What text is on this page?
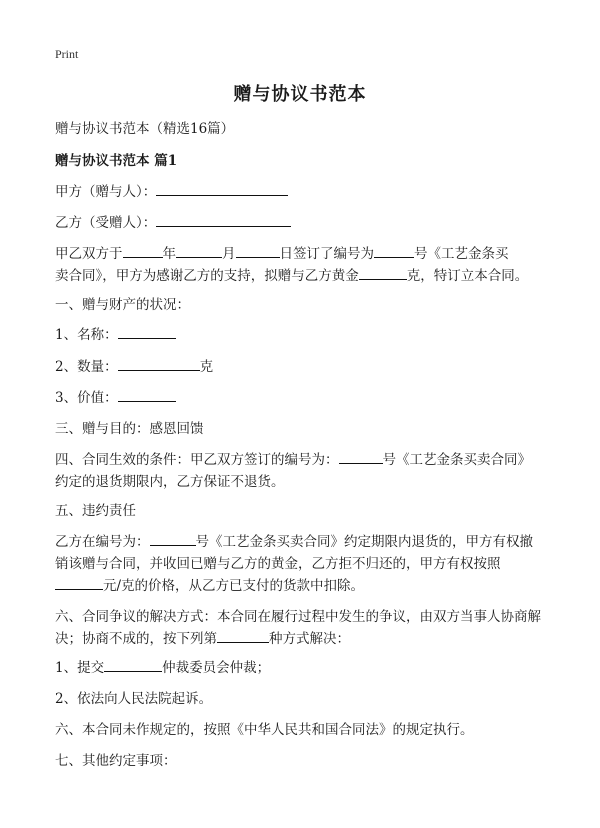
Print
赠与协议书范本
赠与协议书范本（精选16篇）
赠与协议书范本 篇1
甲方（赠与人）：
乙方（受赠人）：
甲乙双方于	年	月	日签订了编号为	号《工艺金条买
卖合同》，甲方为感谢乙方的支持，拟赠与乙方黄金	克，特订立本合同。
一、赠与财产的状况：
1、名称：
2、数量：	克
3、价值：
三、赠与目的：感恩回馈
四、合同生效的条件：甲乙双方签订的编号为：	号《工艺金条买卖合同》
约定的退货期限内，乙方保证不退货。
五、违约责任
乙方在编号为：	号《工艺金条买卖合同》约定期限内退货的，甲方有权撤
销该赠与合同，并收回已赠与乙方的黄金，乙方拒不归还的，甲方有权按照
元/克的价格，从乙方已支付的货款中扣除。
六、合同争议的解决方式：本合同在履行过程中发生的争议，由双方当事人协商解
决；协商不成的，按下列第	种方式解决：
1、提交	仲裁委员会仲裁；
2、依法向人民法院起诉。
六、本合同未作规定的，按照《中华人民共和国合同法》的规定执行。
七、其他约定事项：
